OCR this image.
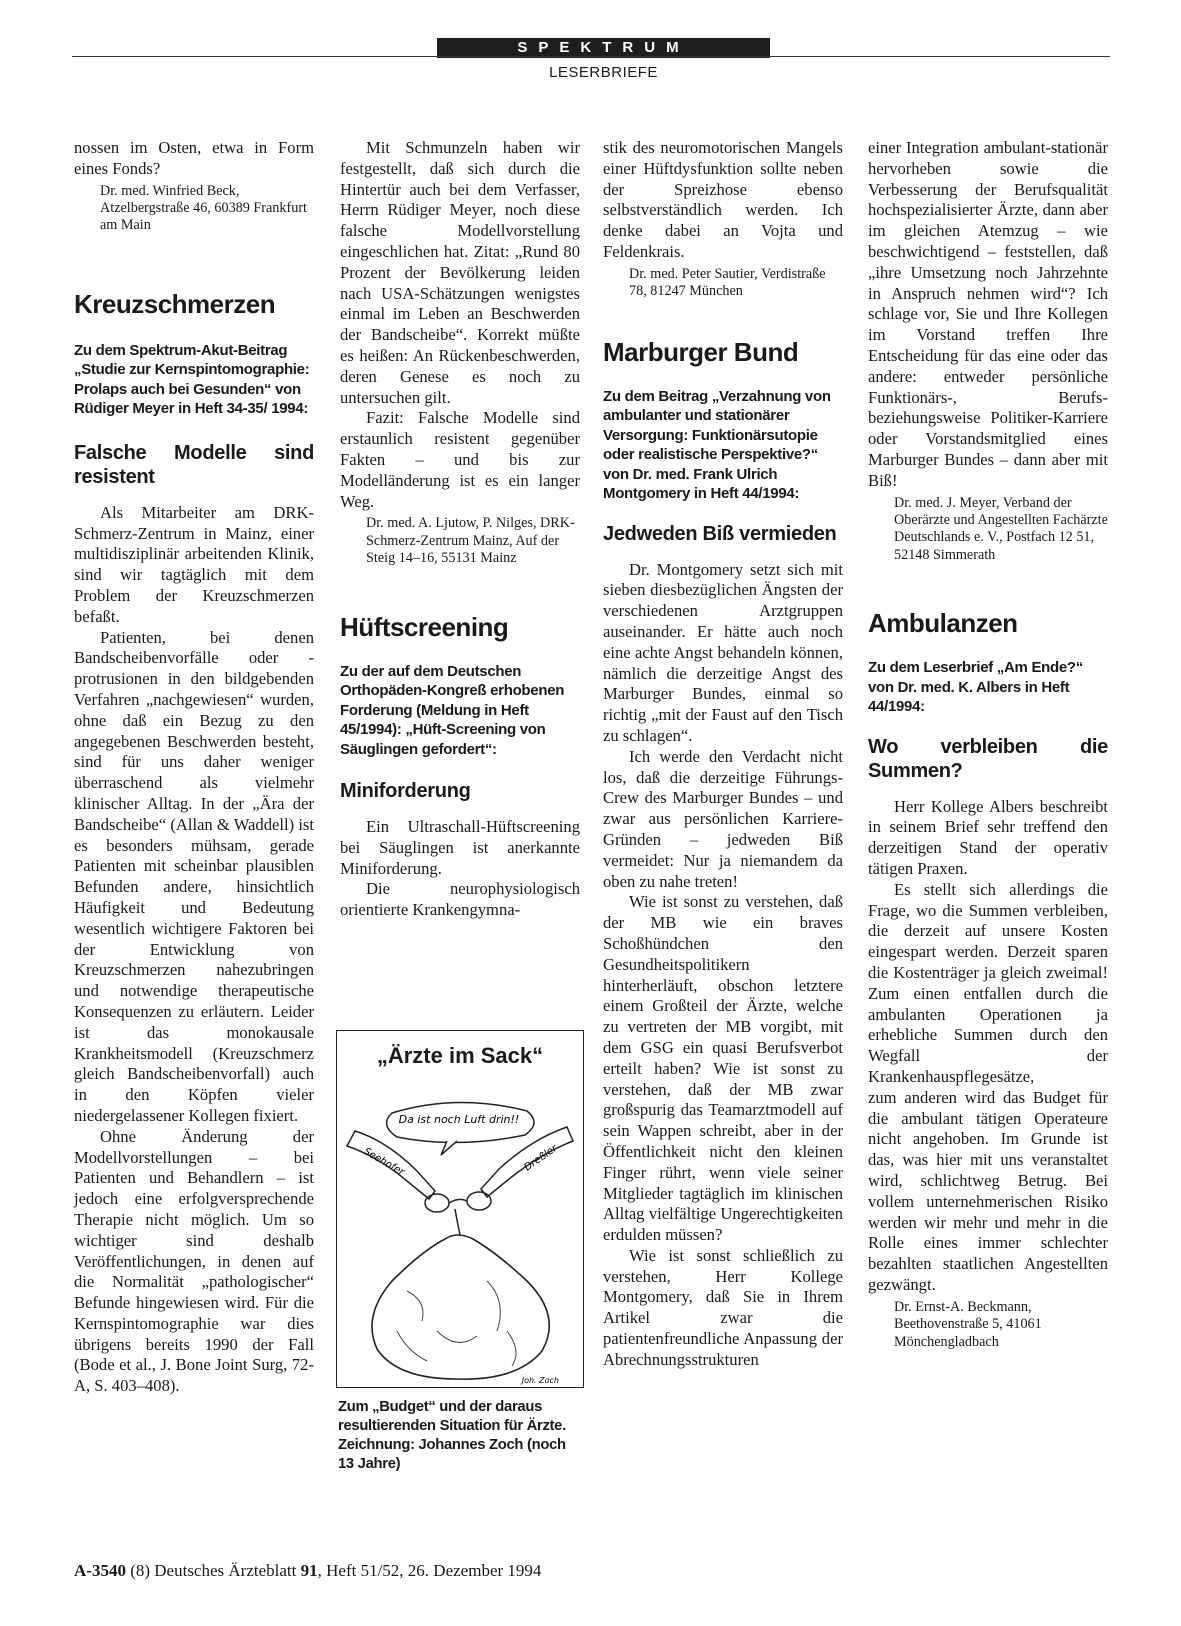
SPEKTRUM
LESERBRIEFE

nossen im Osten, etwa in Form eines Fonds?

Dr. med. Winfried Beck, Atzelbergstraße 46, 60389 Frankfurt am Main
Kreuzschmerzen
Zu dem Spektrum-Akut-Beitrag „Studie zur Kernspintomographie: Prolaps auch bei Gesunden“ von Rüdiger Meyer in Heft 34-35/ 1994:
Falsche Modelle sind resistent

Als Mitarbeiter am DRK-Schmerz-Zentrum in Mainz, einer multidisziplinär arbeitenden Klinik, sind wir tagtäglich mit dem Problem der Kreuzschmerzen befaßt.

Patienten, bei denen Bandscheibenvorfälle oder -protrusionen in den bildgebenden Verfahren „nachgewiesen“ wurden, ohne daß ein Bezug zu den angegebenen Beschwerden besteht, sind für uns daher weniger überraschend als vielmehr klinischer Alltag. In der „Ära der Bandscheibe“ (Allan & Waddell) ist es besonders mühsam, gerade Patienten mit scheinbar plausiblen Befunden andere, hinsichtlich Häufigkeit und Bedeutung wesentlich wichtigere Faktoren bei der Entwicklung von Kreuzschmerzen nahezubringen und notwendige therapeutische Konsequenzen zu erläutern. Leider ist das monokausale Krankheitsmodell (Kreuzschmerz gleich Bandscheibenvorfall) auch in den Köpfen vieler niedergelassener Kollegen fixiert.

Ohne Änderung der Modellvorstellungen – bei Patienten und Behandlern – ist jedoch eine erfolgversprechende Therapie nicht möglich. Um so wichtiger sind deshalb Veröffentlichungen, in denen auf die Normalität „pathologischer“ Befunde hingewiesen wird. Für die Kernspintomographie war dies übrigens bereits 1990 der Fall (Bode et al., J. Bone Joint Surg, 72-A, S. 403–408).

Mit Schmunzeln haben wir festgestellt, daß sich durch die Hintertür auch bei dem Verfasser, Herrn Rüdiger Meyer, noch diese falsche Modellvorstellung eingeschlichen hat. Zitat: „Rund 80 Prozent der Bevölkerung leiden nach USA-Schätzungen wenigstes einmal im Leben an Beschwerden der Bandscheibe“. Korrekt müßte es heißen: An Rückenbeschwerden, deren Genese es noch zu untersuchen gilt.

Fazit: Falsche Modelle sind erstaunlich resistent gegenüber Fakten – und bis zur Modelländerung ist es ein langer Weg.

Dr. med. A. Ljutow, P. Nilges, DRK-Schmerz-Zentrum Mainz, Auf der Steig 14–16, 55131 Mainz
Hüftscreening
Zu der auf dem Deutschen Orthopäden-Kongreß erhobenen Forderung (Meldung in Heft 45/1994): „Hüft-Screening von Säuglingen gefordert“:
Miniforderung

Ein Ultraschall-Hüftscreening bei Säuglingen ist anerkannte Miniforderung.

Die neurophysiologisch orientierte Krankengymna-

„Ärzte im Sack“
Da ist noch Luft drin!!
Seehofer	Dreßler
Joh. Zoch
Zum „Budget“ und der daraus resultierenden Situation für Ärzte. Zeichnung: Johannes Zoch (noch 13 Jahre)

stik des neuromotorischen Mangels einer Hüftdysfunktion sollte neben der Spreizhose ebenso selbstverständlich werden. Ich denke dabei an Vojta und Feldenkrais.

Dr. med. Peter Sautier, Verdistraße 78, 81247 München
Marburger Bund
Zu dem Beitrag „Verzahnung von ambulanter und stationärer Versorgung: Funktionärsutopie oder realistische Perspektive?“ von Dr. med. Frank Ulrich Montgomery in Heft 44/1994:
Jedweden Biß vermieden

Dr. Montgomery setzt sich mit sieben diesbezüglichen Ängsten der verschiedenen Arztgruppen auseinander. Er hätte auch noch eine achte Angst behandeln können, nämlich die derzeitige Angst des Marburger Bundes, einmal so richtig „mit der Faust auf den Tisch zu schlagen“.

Ich werde den Verdacht nicht los, daß die derzeitige Führungs-Crew des Marburger Bundes – und zwar aus persönlichen Karriere-Gründen – jedweden Biß vermeidet: Nur ja niemandem da oben zu nahe treten!

Wie ist sonst zu verstehen, daß der MB wie ein braves Schoßhündchen den Gesundheitspolitikern hinterherläuft, obschon letztere einem Großteil der Ärzte, welche zu vertreten der MB vorgibt, mit dem GSG ein quasi Berufsverbot erteilt haben? Wie ist sonst zu verstehen, daß der MB zwar großspurig das Teamarztmodell auf sein Wappen schreibt, aber in der Öffentlichkeit nicht den kleinen Finger rührt, wenn viele seiner Mitglieder tagtäglich im klinischen Alltag vielfältige Ungerechtigkeiten erdulden müssen?

Wie ist sonst schließlich zu verstehen, Herr Kollege Montgomery, daß Sie in Ihrem Artikel zwar die patientenfreundliche Anpassung der Abrechnungsstrukturen

einer Integration ambulant-stationär hervorheben sowie die Verbesserung der Berufsqualität hochspezialisierter Ärzte, dann aber im gleichen Atemzug – wie beschwichtigend – feststellen, daß „ihre Umsetzung noch Jahrzehnte in Anspruch nehmen wird“? Ich schlage vor, Sie und Ihre Kollegen im Vorstand treffen Ihre Entscheidung für das eine oder das andere: entweder persönliche Funktionärs-, Berufs- beziehungsweise Politiker-Karriere oder Vorstandsmitglied eines Marburger Bundes – dann aber mit Biß!

Dr. med. J. Meyer, Verband der Oberärzte und Angestellten Fachärzte Deutschlands e. V., Postfach 12 51, 52148 Simmerath
Ambulanzen
Zu dem Leserbrief „Am Ende?“ von Dr. med. K. Albers in Heft 44/1994:
Wo verbleiben die Summen?

Herr Kollege Albers beschreibt in seinem Brief sehr treffend den derzeitigen Stand der operativ tätigen Praxen.

Es stellt sich allerdings die Frage, wo die Summen verbleiben, die derzeit auf unsere Kosten eingespart werden. Derzeit sparen die Kostenträger ja gleich zweimal! Zum einen entfallen durch die ambulanten Operationen ja erhebliche Summen durch den Wegfall der Krankenhauspflegesätze,

zum anderen wird das Budget für die ambulant tätigen Operateure nicht angehoben. Im Grunde ist das, was hier mit uns veranstaltet wird, schlichtweg Betrug. Bei vollem unternehmerischen Risiko werden wir mehr und mehr in die Rolle eines immer schlechter bezahlten staatlichen Angestellten gezwängt.

Dr. Ernst-A. Beckmann, Beethovenstraße 5, 41061 Mönchengladbach
A-3540 (8) Deutsches Ärzteblatt 91, Heft 51/52, 26. Dezember 1994
